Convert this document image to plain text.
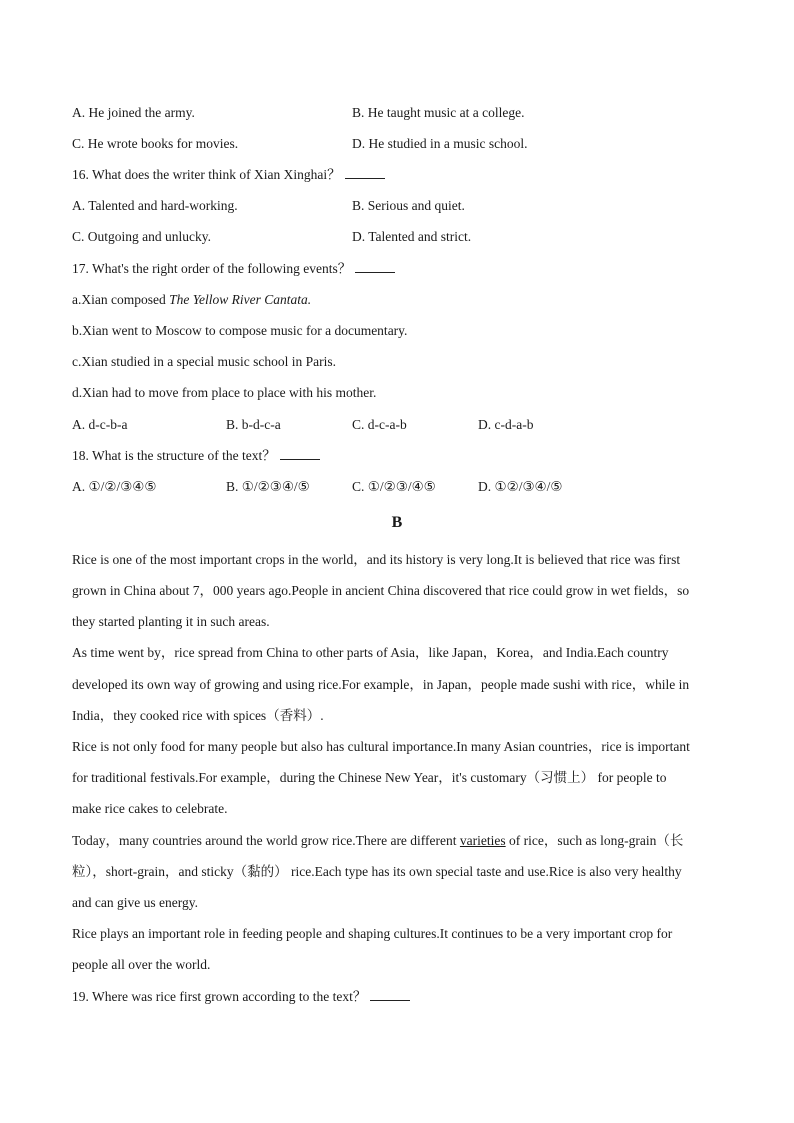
A. He joined the army.	B. He taught music at a college.
C. He wrote books for movies.	D. He studied in a music school.
16. What does the writer think of Xian Xinghai？
A. Talented and hard-working.	B. Serious and quiet.
C. Outgoing and unlucky.	D. Talented and strict.
17. What's the right order of the following events？
a.Xian composed The Yellow River Cantata.
b.Xian went to Moscow to compose music for a documentary.
c.Xian studied in a special music school in Paris.
d.Xian had to move from place to place with his mother.
A. d-c-b-a	B. b-d-c-a	C. d-c-a-b	D. c-d-a-b
18. What is the structure of the text？
A. ①/②/③④⑤	B. ①/②③④/⑤	C. ①/②③/④⑤	D. ①②/③④/⑤
B
Rice is one of the most important crops in the world，and its history is very long.It is believed that rice was first
grown in China about 7，000 years ago.People in ancient China discovered that rice could grow in wet fields，so
they started planting it in such areas.
As time went by，rice spread from China to other parts of Asia，like Japan，Korea，and India.Each country
developed its own way of growing and using rice.For example，in Japan，people made sushi with rice，while in
India，they cooked rice with spices（香料）.
Rice is not only food for many people but also has cultural importance.In many Asian countries，rice is important
for traditional festivals.For example，during the Chinese New Year，it's customary（习惯上） for people to
make rice cakes to celebrate.
Today，many countries around the world grow rice.There are different varieties of rice，such as long-grain（长
粒），short-grain，and sticky（黏的） rice.Each type has its own special taste and use.Rice is also very healthy
and can give us energy.
Rice plays an important role in feeding people and shaping cultures.It continues to be a very important crop for
people all over the world.
19. Where was rice first grown according to the text？
